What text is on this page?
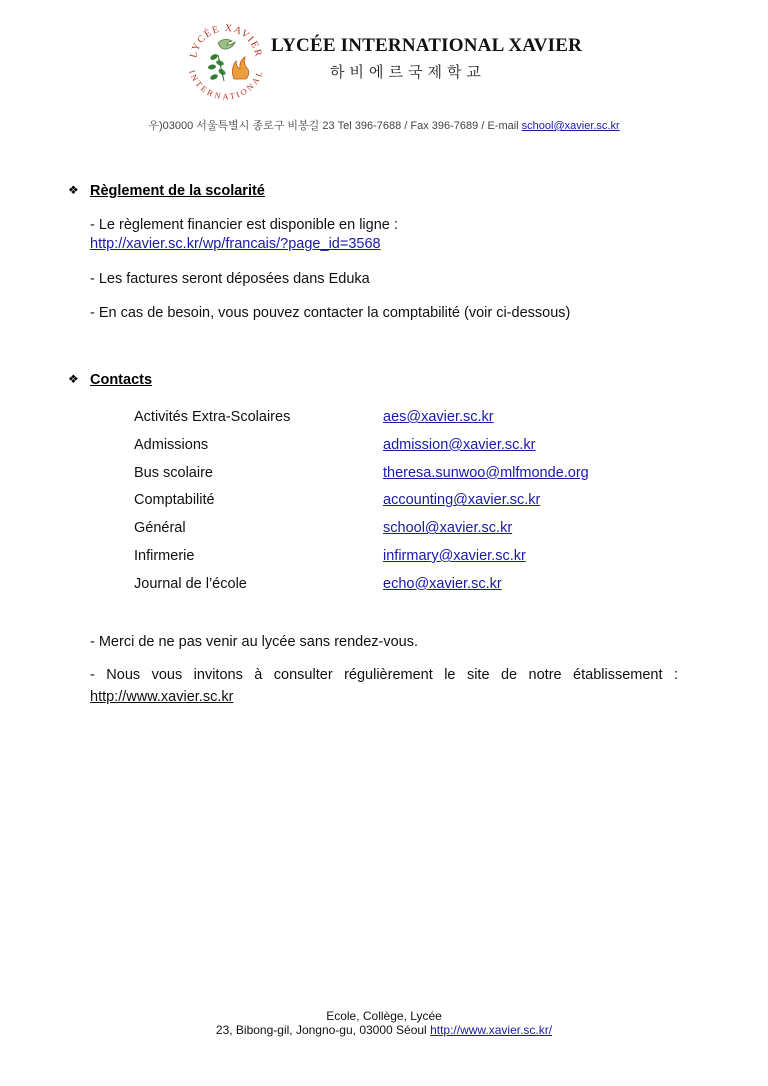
LYCÉE XAVIER
INTERNATIONAL
LYCÉE INTERNATIONAL XAVIER
하비에르국제학교
우)03000 서울특별시 종로구 비봉길 23 Tel 396-7688 / Fax 396-7689 / E-mail school@xavier.sc.kr
❖ Règlement de la scolarité
- Le règlement financier est disponible en ligne :
http://xavier.sc.kr/wp/francais/?page_id=3568
- Les factures seront déposées dans Eduka
- En cas de besoin, vous pouvez contacter la comptabilité (voir ci-dessous)
❖ Contacts
Activités Extra-Scolaires	aes@xavier.sc.kr
Admissions	admission@xavier.sc.kr
Bus scolaire	theresa.sunwoo@mlfmonde.org
Comptabilité	accounting@xavier.sc.kr
Général	school@xavier.sc.kr
Infirmerie	infirmary@xavier.sc.kr
Journal de l’école	echo@xavier.sc.kr
- Merci de ne pas venir au lycée sans rendez-vous.
- Nous vous invitons à consulter régulièrement le site de notre établissement :
http://www.xavier.sc.kr
Ecole, Collège, Lycée
23, Bibong-gil, Jongno-gu, 03000 Séoul http://www.xavier.sc.kr/
